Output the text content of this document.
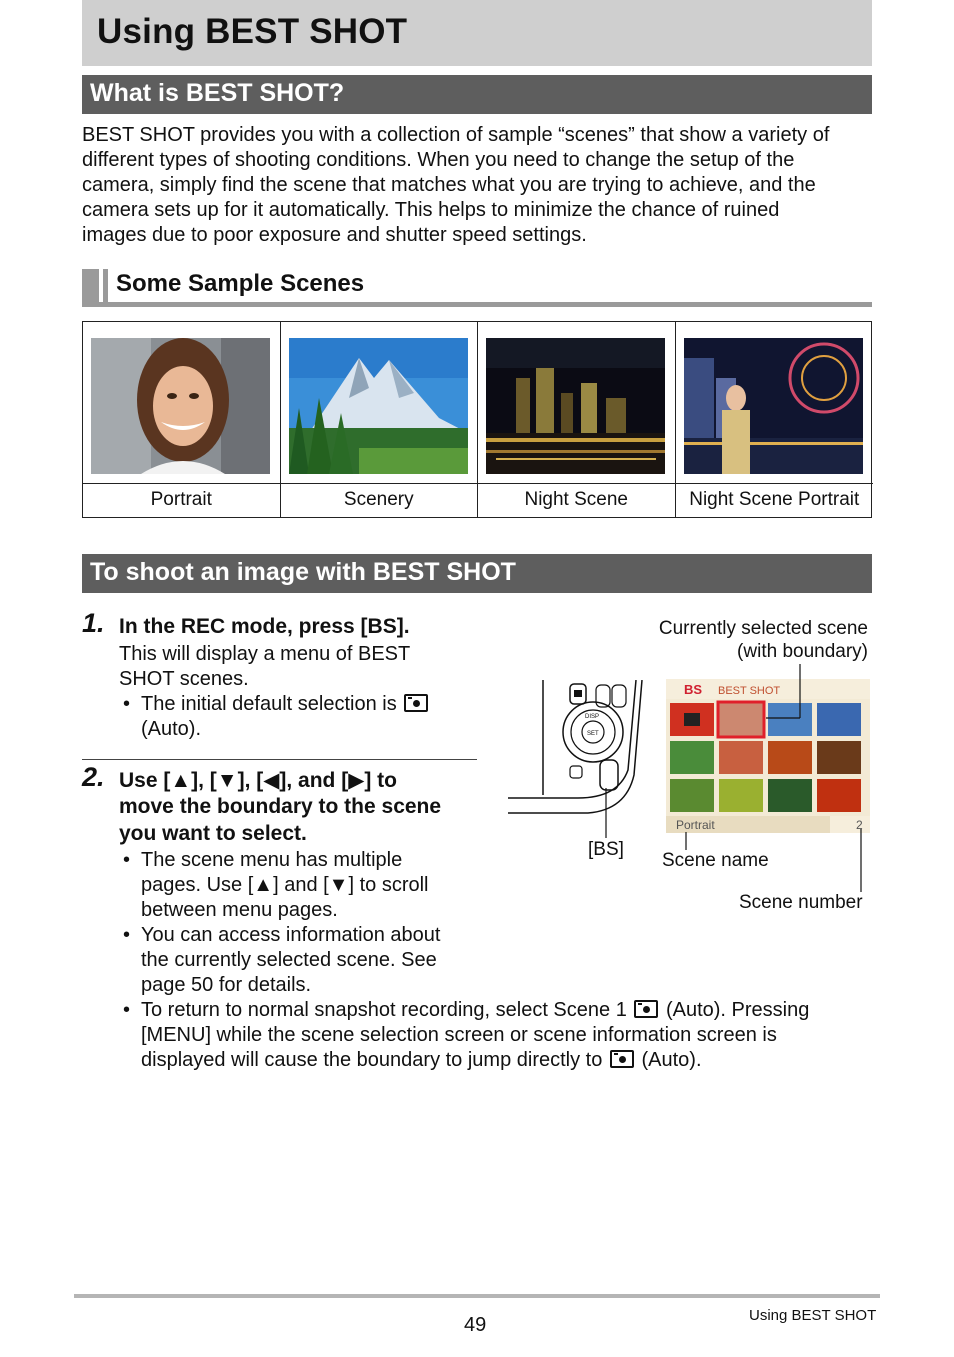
Using BEST SHOT
What is BEST SHOT?
BEST SHOT provides you with a collection of sample “scenes” that show a variety of
different types of shooting conditions. When you need to change the setup of the
camera, simply find the scene that matches what you are trying to achieve, and the
camera sets up for it automatically. This helps to minimize the chance of ruined
images due to poor exposure and shutter speed settings.
Some Sample Scenes
Portrait	Scenery	Night Scene	Night Scene Portrait
To shoot an image with BEST SHOT
1. In the REC mode, press [BS].
This will display a menu of BEST
SHOT scenes.
• The initial default selection is
(Auto).
2. Use [▲], [▼], [◀], and [▶] to
move the boundary to the scene
you want to select.
• The scene menu has multiple
pages. Use [▲] and [▼] to scroll
between menu pages.
• You can access information about
the currently selected scene. See
page 50 for details.
• To return to normal snapshot recording, select Scene 1 (Auto). Pressing
[MENU] while the scene selection screen or scene information screen is
displayed will cause the boundary to jump directly to (Auto).
Currently selected scene
(with boundary)
[BS]
Scene name
Scene number
SET
DISP
BS BEST SHOT
Portrait	2
49	Using BEST SHOT
